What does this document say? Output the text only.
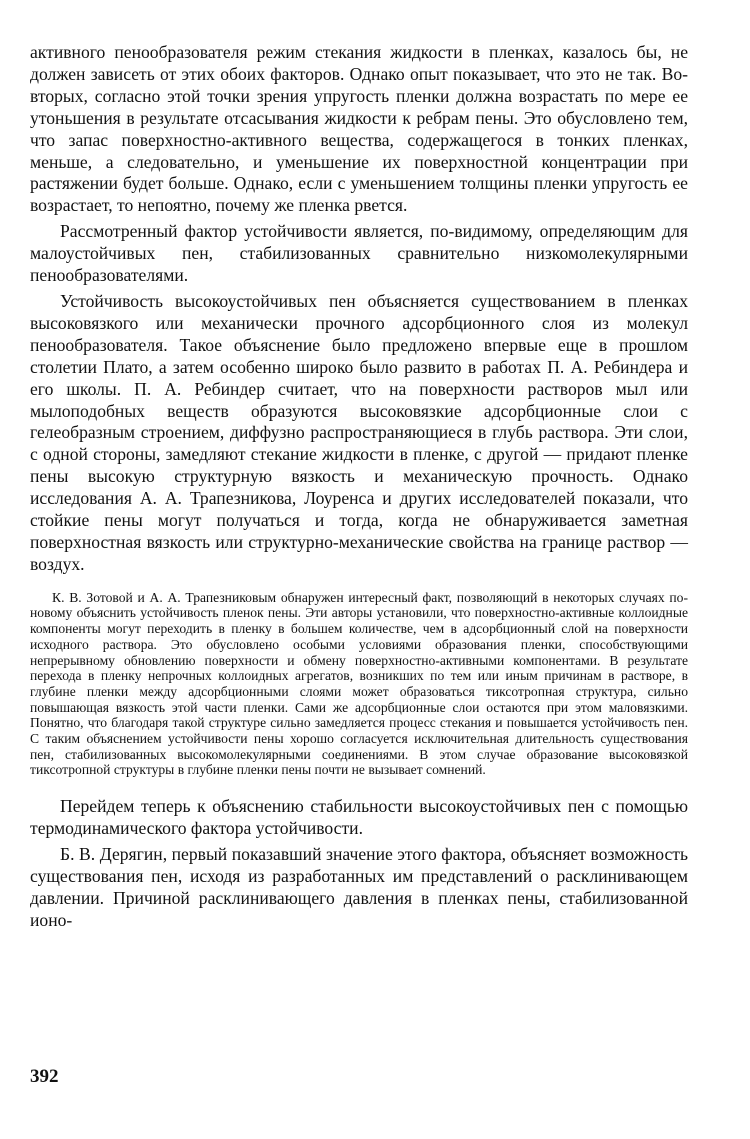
активного пенообразователя режим стекания жидкости в пленках, казалось бы, не должен зависеть от этих обоих факторов. Однако опыт показывает, что это не так. Во-вторых, согласно этой точки зрения упругость пленки должна возрастать по мере ее утоньшения в результате отсасывания жидкости к ребрам пены. Это обусловлено тем, что запас поверхностно-активного вещества, содержащегося в тонких пленках, меньше, а следовательно, и уменьшение их поверхностной концентрации при растяжении будет больше. Однако, если с уменьшением толщины пленки упругость ее возрастает, то непоятно, почему же пленка рвется.

Рассмотренный фактор устойчивости является, по-видимому, определяющим для малоустойчивых пен, стабилизованных сравнительно низкомолекулярными пенообразователями.

Устойчивость высокоустойчивых пен объясняется существованием в пленках высоковязкого или механически прочного адсорбционного слоя из молекул пенообразователя. Такое объяснение было предложено впервые еще в прошлом столетии Плато, а затем особенно широко было развито в работах П. А. Ребиндера и его школы. П. А. Ребиндер считает, что на поверхности растворов мыл или мылоподобных веществ образуются высоковязкие адсорбционные слои с гелеобразным строением, диффузно распространяющиеся в глубь раствора. Эти слои, с одной стороны, замедляют стекание жидкости в пленке, с другой — придают пленке пены высокую структурную вязкость и механическую прочность. Однако исследования А. А. Трапезникова, Лоуренса и других исследователей показали, что стойкие пены могут получаться и тогда, когда не обнаруживается заметная поверхностная вязкость или структурно-механические свойства на границе раствор — воздух.

К. В. Зотовой и А. А. Трапезниковым обнаружен интересный факт, позволяющий в некоторых случаях по-новому объяснить устойчивость пленок пены. Эти авторы установили, что поверхностно-активные коллоидные компоненты могут переходить в пленку в большем количестве, чем в адсорбционный слой на поверхности исходного раствора. Это обусловлено особыми условиями образования пленки, способствующими непрерывному обновлению поверхности и обмену поверхностно-активными компонентами. В результате перехода в пленку непрочных коллоидных агрегатов, возникших по тем или иным причинам в растворе, в глубине пленки между адсорбционными слоями может образоваться тиксотропная структура, сильно повышающая вязкость этой части пленки. Сами же адсорбционные слои остаются при этом маловязкими. Понятно, что благодаря такой структуре сильно замедляется процесс стекания и повышается устойчивость пен. С таким объяснением устойчивости пены хорошо согласуется исключительная длительность существования пен, стабилизованных высокомолекулярными соединениями. В этом случае образование высоковязкой тиксотропной структуры в глубине пленки пены почти не вызывает сомнений.

Перейдем теперь к объяснению стабильности высокоустойчивых пен с помощью термодинамического фактора устойчивости.

Б. В. Дерягин, первый показавший значение этого фактора, объясняет возможность существования пен, исходя из разработанных им представлений о расклинивающем давлении. Причиной расклинивающего давления в пленках пены, стабилизованной ионо-

392
